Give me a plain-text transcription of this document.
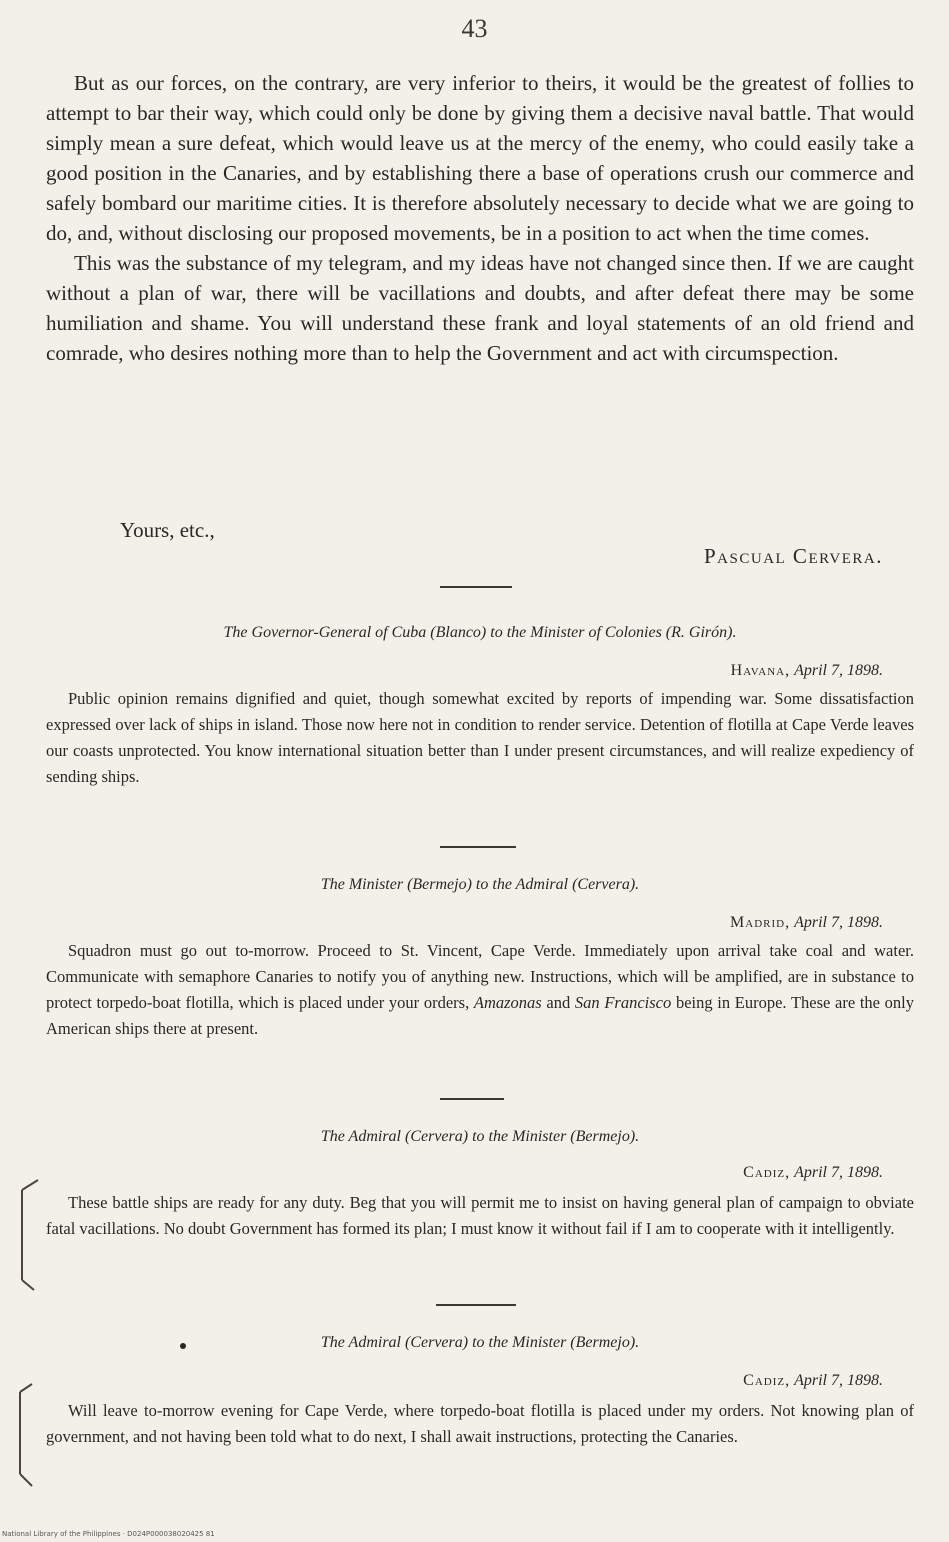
43

But as our forces, on the contrary, are very inferior to theirs, it would be the greatest of follies to attempt to bar their way, which could only be done by giving them a decisive naval battle. That would simply mean a sure defeat, which would leave us at the mercy of the enemy, who could easily take a good position in the Canaries, and by establishing there a base of operations crush our commerce and safely bombard our maritime cities. It is therefore absolutely necessary to decide what we are going to do, and, without disclosing our proposed movements, be in a position to act when the time comes.

This was the substance of my telegram, and my ideas have not changed since then. If we are caught without a plan of war, there will be vacillations and doubts, and after defeat there may be some humiliation and shame. You will understand these frank and loyal statements of an old friend and comrade, who desires nothing more than to help the Government and act with circumspection.

Yours, etc.,
Pascual Cervera.
The Governor-General of Cuba (Blanco) to the Minister of Colonies (R. Girón).
Havana, April 7, 1898.

Public opinion remains dignified and quiet, though somewhat excited by reports of impending war. Some dissatisfaction expressed over lack of ships in island. Those now here not in condition to render service. Detention of flotilla at Cape Verde leaves our coasts unprotected. You know international situation better than I under present circumstances, and will realize expediency of sending ships.

The Minister (Bermejo) to the Admiral (Cervera).
Madrid, April 7, 1898.

Squadron must go out to-morrow. Proceed to St. Vincent, Cape Verde. Immediately upon arrival take coal and water. Communicate with semaphore Canaries to notify you of anything new. Instructions, which will be amplified, are in substance to protect torpedo-boat flotilla, which is placed under your orders, Amazonas and San Francisco being in Europe. These are the only American ships there at present.

The Admiral (Cervera) to the Minister (Bermejo).
Cadiz, April 7, 1898.

These battle ships are ready for any duty. Beg that you will permit me to insist on having general plan of campaign to obviate fatal vacillations. No doubt Government has formed its plan; I must know it without fail if I am to cooperate with it intelligently.

The Admiral (Cervera) to the Minister (Bermejo).
Cadiz, April 7, 1898.

Will leave to-morrow evening for Cape Verde, where torpedo-boat flotilla is placed under my orders. Not knowing plan of government, and not having been told what to do next, I shall await instructions, protecting the Canaries.

National Library of the Philippines · D024P000038020425 81
